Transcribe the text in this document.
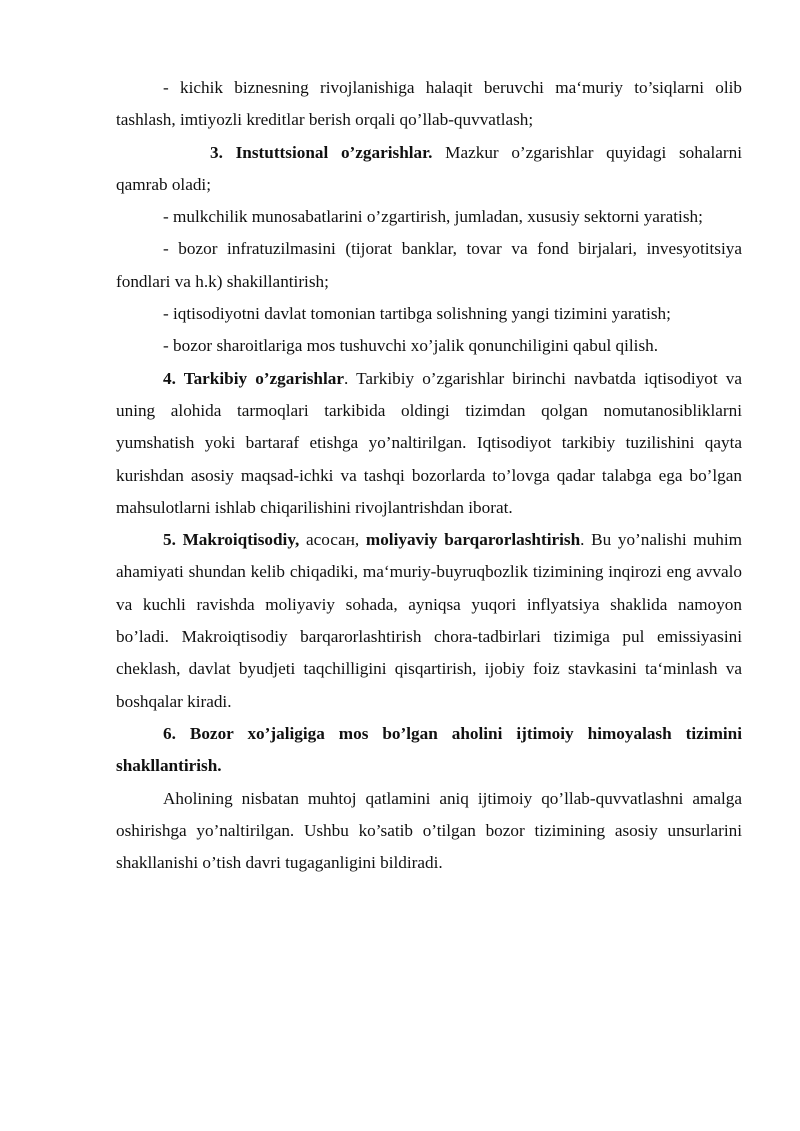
- kichik biznesning rivojlanishiga halaqit beruvchi ma‘muriy to’siqlarni olib tashlash, imtiyozli kreditlar berish orqali qo’llab-quvvatlash;

3. Instuttsional o’zgarishlar. Mazkur o’zgarishlar quyidagi sohalarni qamrab oladi;

- mulkchilik munosabatlarini o’zgartirish, jumladan, xususiy sektorni yaratish;

- bozor infratuzilmasini (tijorat banklar, tovar va fond birjalari, invesyotitsiya fondlari va h.k) shakillantirish;

- iqtisodiyotni davlat tomonian tartibga solishning yangi tizimini yaratish;

- bozor sharoitlariga mos tushuvchi xo’jalik qonunchiligini qabul qilish.

4. Tarkibiy o’zgarishlar. Tarkibiy o’zgarishlar birinchi navbatda iqtisodiyot va uning alohida tarmoqlari tarkibida oldingi tizimdan qolgan nomutanosibliklarni yumshatish yoki bartaraf etishga yo’naltirilgan. Iqtisodiyot tarkibiy tuzilishini qayta kurishdan asosiy maqsad-ichki va tashqi bozorlarda to’lovga qadar talabga ega bo’lgan mahsulotlarni ishlab chiqarilishini rivojlantrishdan iborat.

5. Makroiqtisodiy, асосан, moliyaviy barqarorlashtirish. Bu yo’nalishi muhim ahamiyati shundan kelib chiqadiki, ma‘muriy-buyruqbozlik tizimining inqirozi eng avvalo va kuchli ravishda moliyaviy sohada, ayniqsa yuqori inflyatsiya shaklida namoyon bo’ladi. Makroiqtisodiy barqarorlashtirish chora-tadbirlari tizimiga pul emissiyasini cheklash, davlat byudjeti taqchilligini qisqartirish, ijobiy foiz stavkasini ta‘minlash va boshqalar kiradi.

6. Bozor xo’jaligiga mos bo’lgan aholini ijtimoiy himoyalash tizimini shakllantirish.

Aholining nisbatan muhtoj qatlamini aniq ijtimoiy qo’llab-quvvatlashni amalga oshirishga yo’naltirilgan. Ushbu ko’satib o’tilgan bozor tizimining asosiy unsurlarini shakllanishi o’tish davri tugaganligini bildiradi.
